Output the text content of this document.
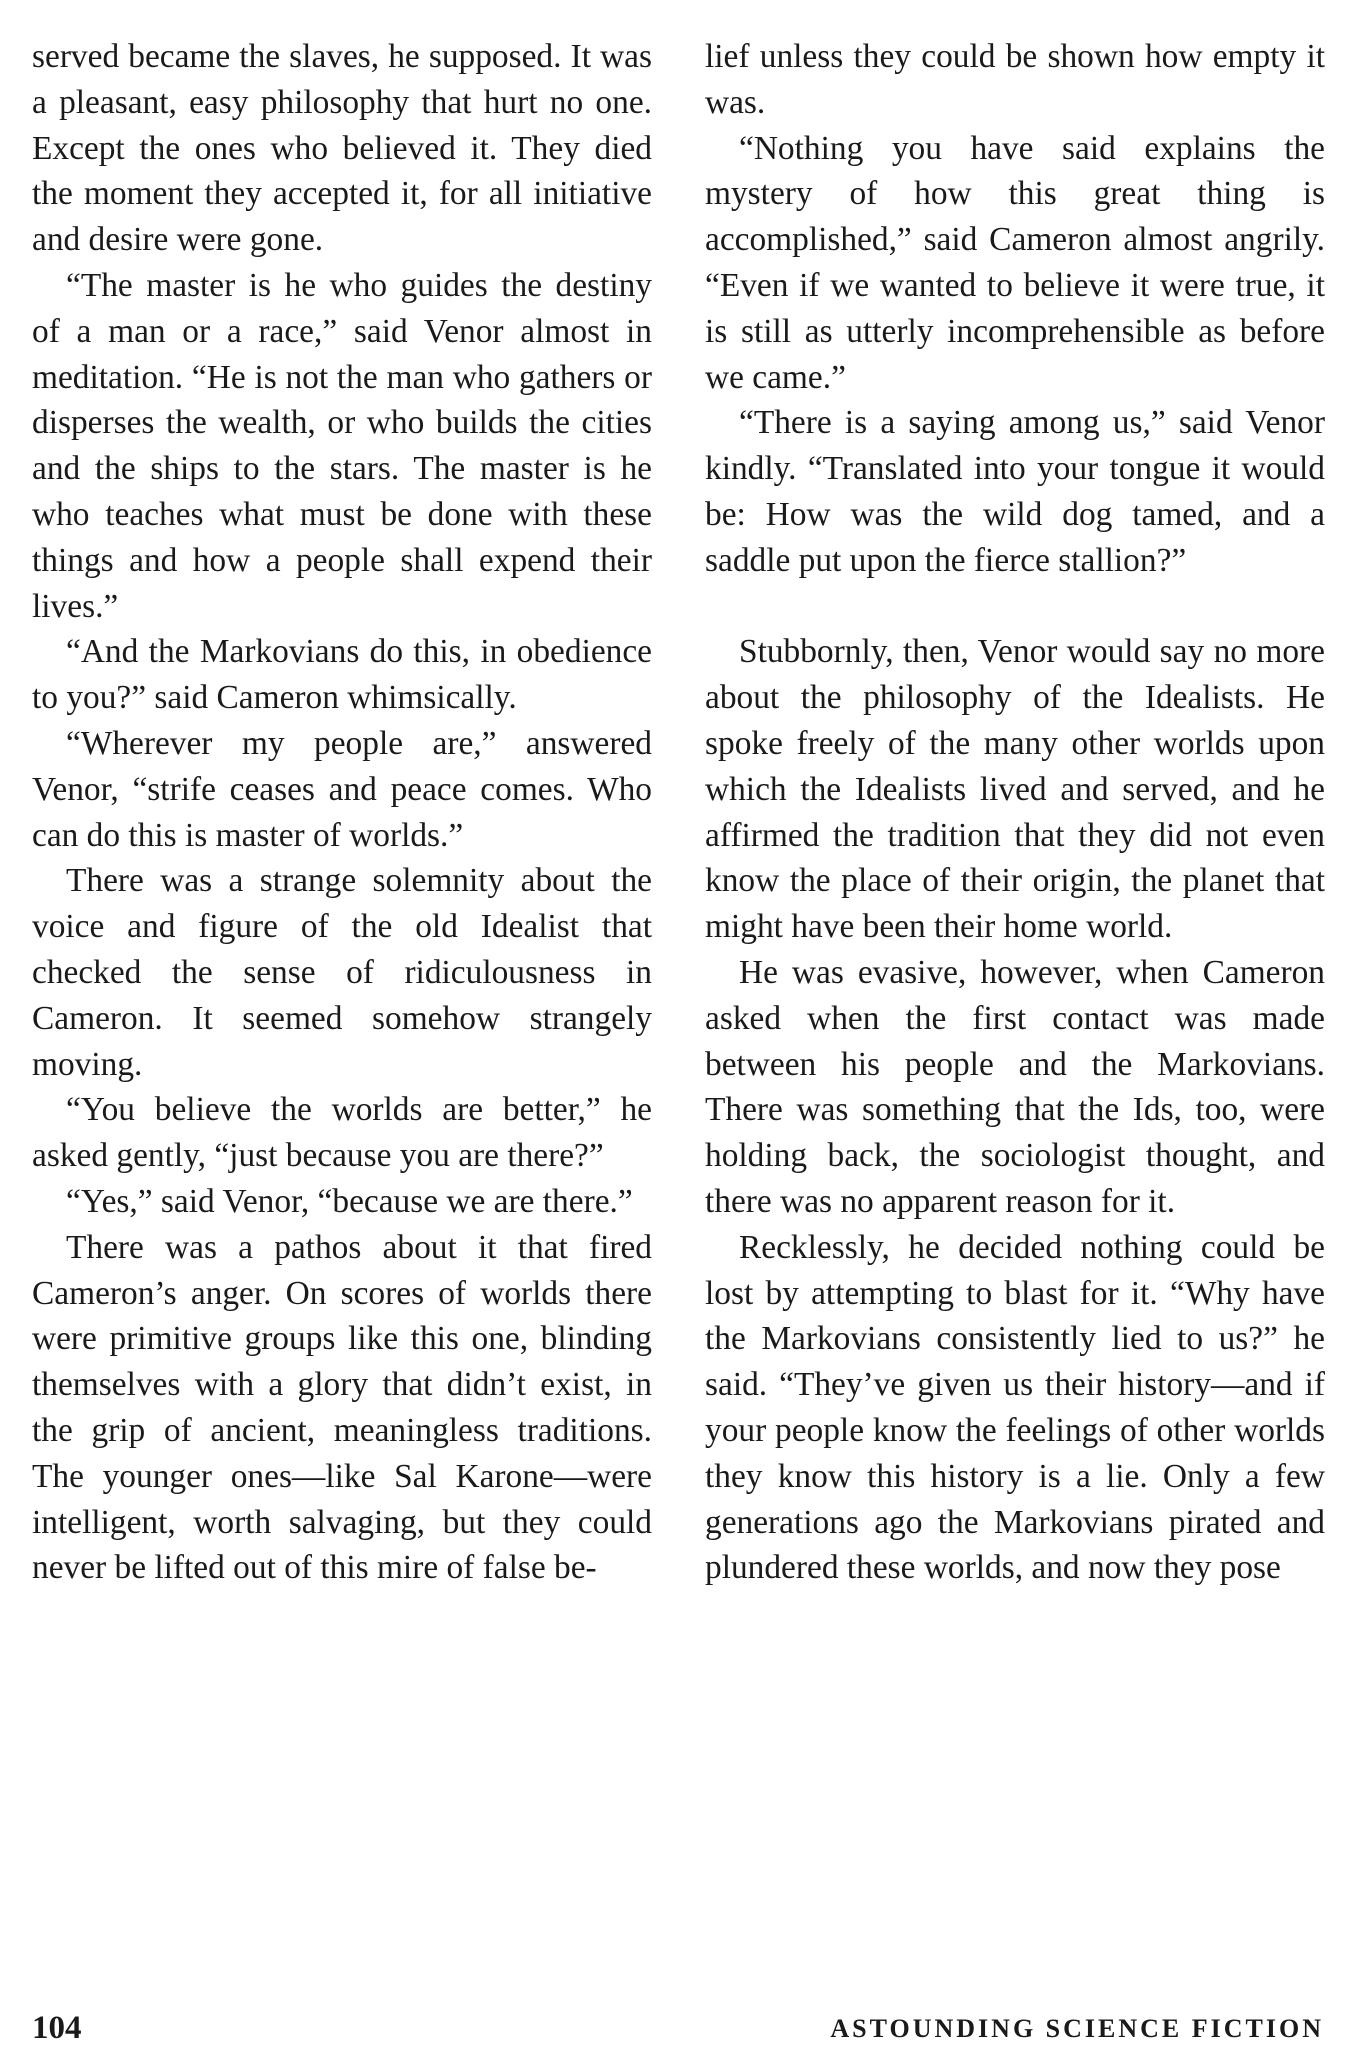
served became the slaves, he supposed. It was a pleasant, easy philosophy that hurt no one. Except the ones who believed it. They died the moment they accepted it, for all initiative and desire were gone.

“The master is he who guides the destiny of a man or a race,” said Venor almost in meditation. “He is not the man who gathers or disperses the wealth, or who builds the cities and the ships to the stars. The master is he who teaches what must be done with these things and how a people shall expend their lives.”

“And the Markovians do this, in obedience to you?” said Cameron whimsically.

“Wherever my people are,” answered Venor, “strife ceases and peace comes. Who can do this is master of worlds.”

There was a strange solemnity about the voice and figure of the old Idealist that checked the sense of ridiculousness in Cameron. It seemed somehow strangely moving.

“You believe the worlds are better,” he asked gently, “just because you are there?”

“Yes,” said Venor, “because we are there.”

There was a pathos about it that fired Cameron’s anger. On scores of worlds there were primitive groups like this one, blinding themselves with a glory that didn’t exist, in the grip of ancient, meaningless traditions. The younger ones—like Sal Karone—were intelligent, worth salvaging, but they could never be lifted out of this mire of false be-

lief unless they could be shown how empty it was.

“Nothing you have said explains the mystery of how this great thing is accomplished,” said Cameron almost angrily. “Even if we wanted to believe it were true, it is still as utterly incomprehensible as before we came.”

“There is a saying among us,” said Venor kindly. “Translated into your tongue it would be: How was the wild dog tamed, and a saddle put upon the fierce stallion?”

Stubbornly, then, Venor would say no more about the philosophy of the Idealists. He spoke freely of the many other worlds upon which the Idealists lived and served, and he affirmed the tradition that they did not even know the place of their origin, the planet that might have been their home world.

He was evasive, however, when Cameron asked when the first contact was made between his people and the Markovians. There was something that the Ids, too, were holding back, the sociologist thought, and there was no apparent reason for it.

Recklessly, he decided nothing could be lost by attempting to blast for it. “Why have the Markovians consistently lied to us?” he said. “They’ve given us their history—and if your people know the feelings of other worlds they know this history is a lie. Only a few generations ago the Markovians pirated and plundered these worlds, and now they pose

104	ASTOUNDING SCIENCE FICTION
